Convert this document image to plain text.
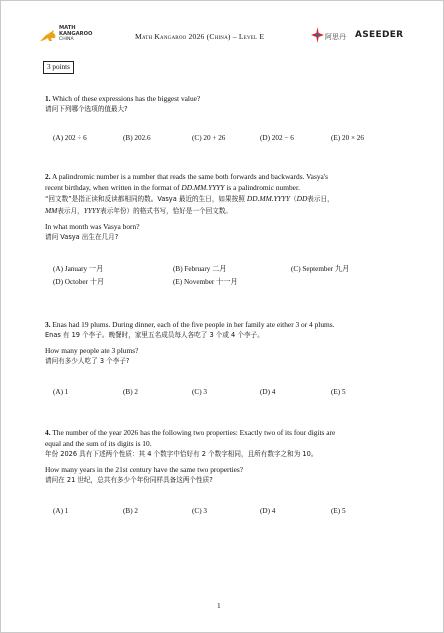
MATH
KANGAROO
CHINA	Math Kangaroo 2026 (China) – Level E	阿思丹 ASEEDER
3 points

1. Which of these expressions has the biggest value?

请问下列哪个选项的值最大?

(A) 202 ÷ 6	(B) 202.6	(C) 20 + 26	(D) 202 − 6	(E) 20 × 26

2. A palindromic number is a number that reads the same both forwards and backwards. Vasya's

recent birthday, when written in the format of DD.MM.YYYY is a palindromic number.

“回文数”是指正读和反读都相同的数。Vasya 最近的生日，如果按照 DD.MM.YYYY（DD表示日，

MM表示月，YYYY表示年份）的格式书写，恰好是一个回文数。

In what month was Vasya born?

请问 Vasya 出生在几月?

(A) January 一月	(B) February 二月	(C) September 九月
(D) October 十月	(E) November 十一月

3. Enas had 19 plums. During dinner, each of the five people in her family ate either 3 or 4 plums.

Enas 有 19 个李子。晚餐时，家里五名成员每人各吃了 3 个或 4 个李子。

How many people ate 3 plums?

请问有多少人吃了 3 个李子?

(A) 1	(B) 2	(C) 3	(D) 4	(E) 5

4. The number of the year 2026 has the following two properties: Exactly two of its four digits are

equal and the sum of its digits is 10.

年份 2026 具有下述两个性质：其 4 个数字中恰好有 2 个数字相同，且所有数字之和为 10。

How many years in the 21st century have the same two properties?

请问在 21 世纪，总共有多少个年份同样具备这两个性质?

(A) 1	(B) 2	(C) 3	(D) 4	(E) 5
1
